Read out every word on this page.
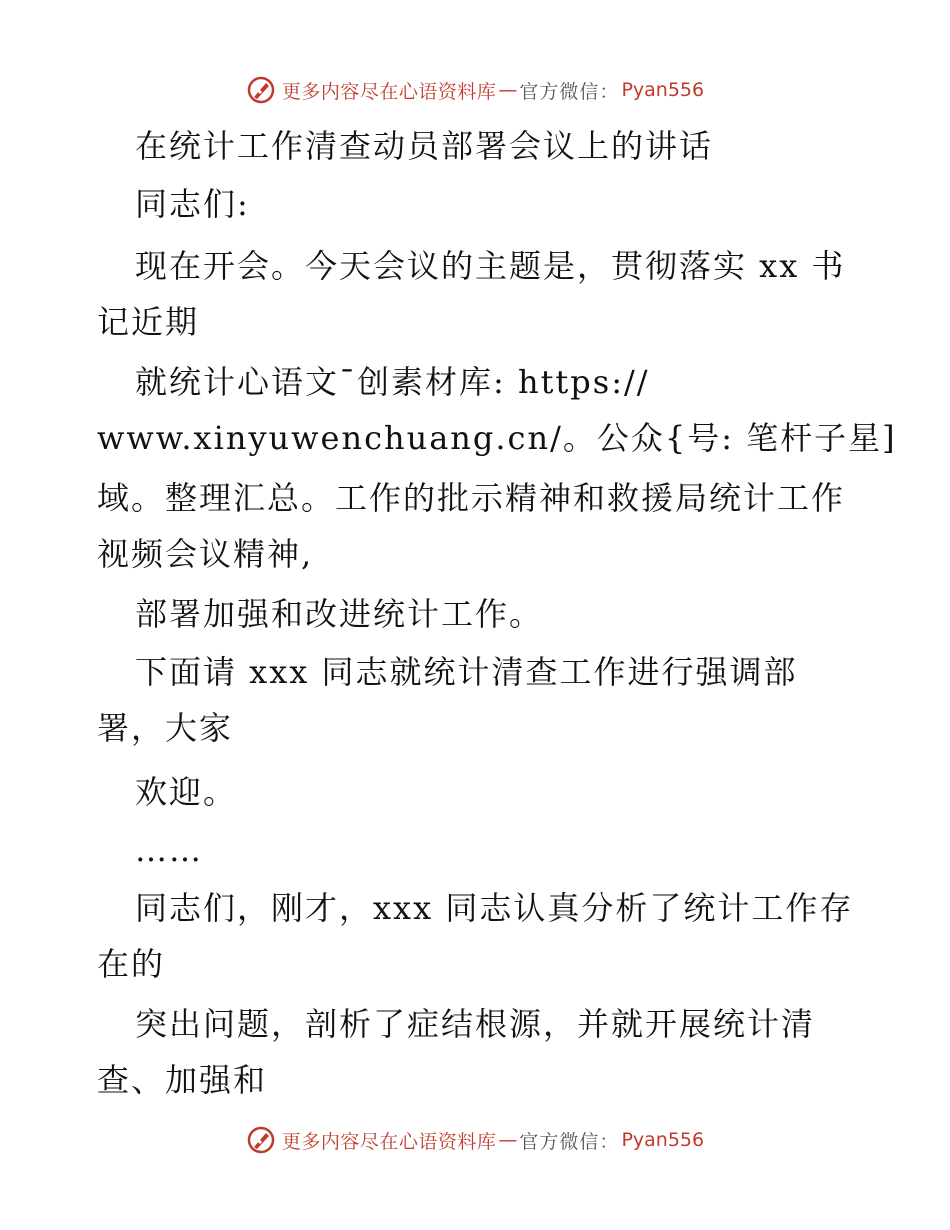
更多内容尽在心语资料库 — 官方微信： Pyan556
在统计工作清查动员部署会议上的讲话
同志们:
现在开会。今天会议的主题是，贯彻落实 xx 书
记近期
就统计心语文¯创素材库: https://
www.xinyuwenchuang.cn/。公众{号: 笔杆子星]
域。整理汇总。工作的批示精神和救援局统计工作
视频会议精神,
部署加强和改进统计工作。
下面请 xxx 同志就统计清查工作进行强调部
署，大家
欢迎。
……
同志们，刚才，xxx 同志认真分析了统计工作存
在的
突出问题，剖析了症结根源，并就开展统计清
查、加强和
更多内容尽在心语资料库 — 官方微信： Pyan556
